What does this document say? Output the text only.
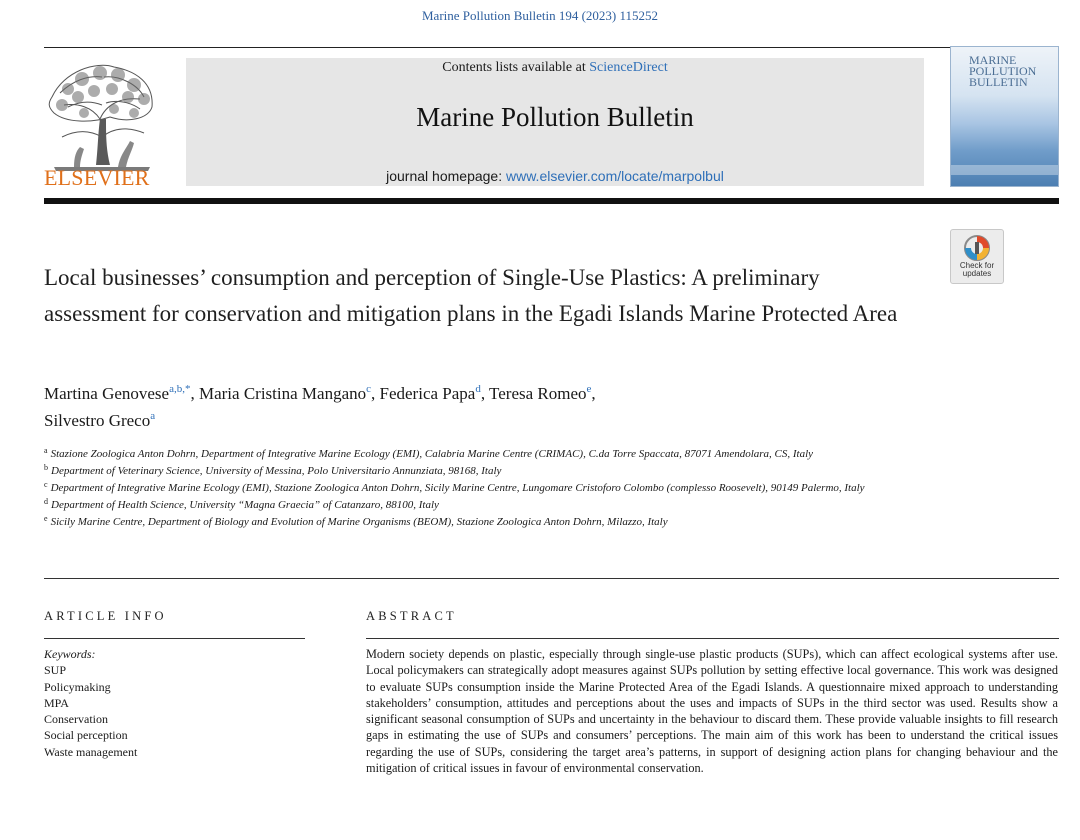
Marine Pollution Bulletin 194 (2023) 115252
ELSEVIER
Contents lists available at ScienceDirect
Marine Pollution Bulletin
journal homepage: www.elsevier.com/locate/marpolbul
MARINE
POLLUTION
BULLETIN
Check for
updates
Local businesses’ consumption and perception of Single-Use Plastics: A preliminary assessment for conservation and mitigation plans in the Egadi Islands Marine Protected Area
Martina Genovese$^{a,b,*}$, Maria Cristina Mangano$^c$, Federica Papa$^d$, Teresa Romeo$^e$,
Silvestro Greco$^a$
$^a$ Stazione Zoologica Anton Dohrn, Department of Integrative Marine Ecology (EMI), Calabria Marine Centre (CRIMAC), C.da Torre Spaccata, 87071 Amendolara, CS, Italy
$^b$ Department of Veterinary Science, University of Messina, Polo Universitario Annunziata, 98168, Italy
$^c$ Department of Integrative Marine Ecology (EMI), Stazione Zoologica Anton Dohrn, Sicily Marine Centre, Lungomare Cristoforo Colombo (complesso Roosevelt), 90149 Palermo, Italy
$^d$ Department of Health Science, University “Magna Graecia” of Catanzaro, 88100, Italy
$^e$ Sicily Marine Centre, Department of Biology and Evolution of Marine Organisms (BEOM), Stazione Zoologica Anton Dohrn, Milazzo, Italy
ARTICLE INFO	ABSTRACT
Keywords:
SUP
Policymaking
MPA
Conservation
Social perception
Waste management
Modern society depends on plastic, especially through single-use plastic products (SUPs), which can affect ecological systems after use. Local policymakers can strategically adopt measures against SUPs pollution by setting effective local governance. This work was designed to evaluate SUPs consumption inside the Marine Protected Area of the Egadi Islands. A questionnaire mixed approach to understanding stakeholders’ consumption, attitudes and perceptions about the uses and impacts of SUPs in the third sector was used. Results show a significant seasonal consumption of SUPs and uncertainty in the behaviour to discard them. These provide valuable insights to fill research gaps in estimating the use of SUPs and consumers’ perceptions. The main aim of this work has been to understand the critical issues regarding the use of SUPs, considering the target area’s patterns, in support of designing action plans for changing behaviour and the mitigation of critical issues in favour of environmental conservation.
